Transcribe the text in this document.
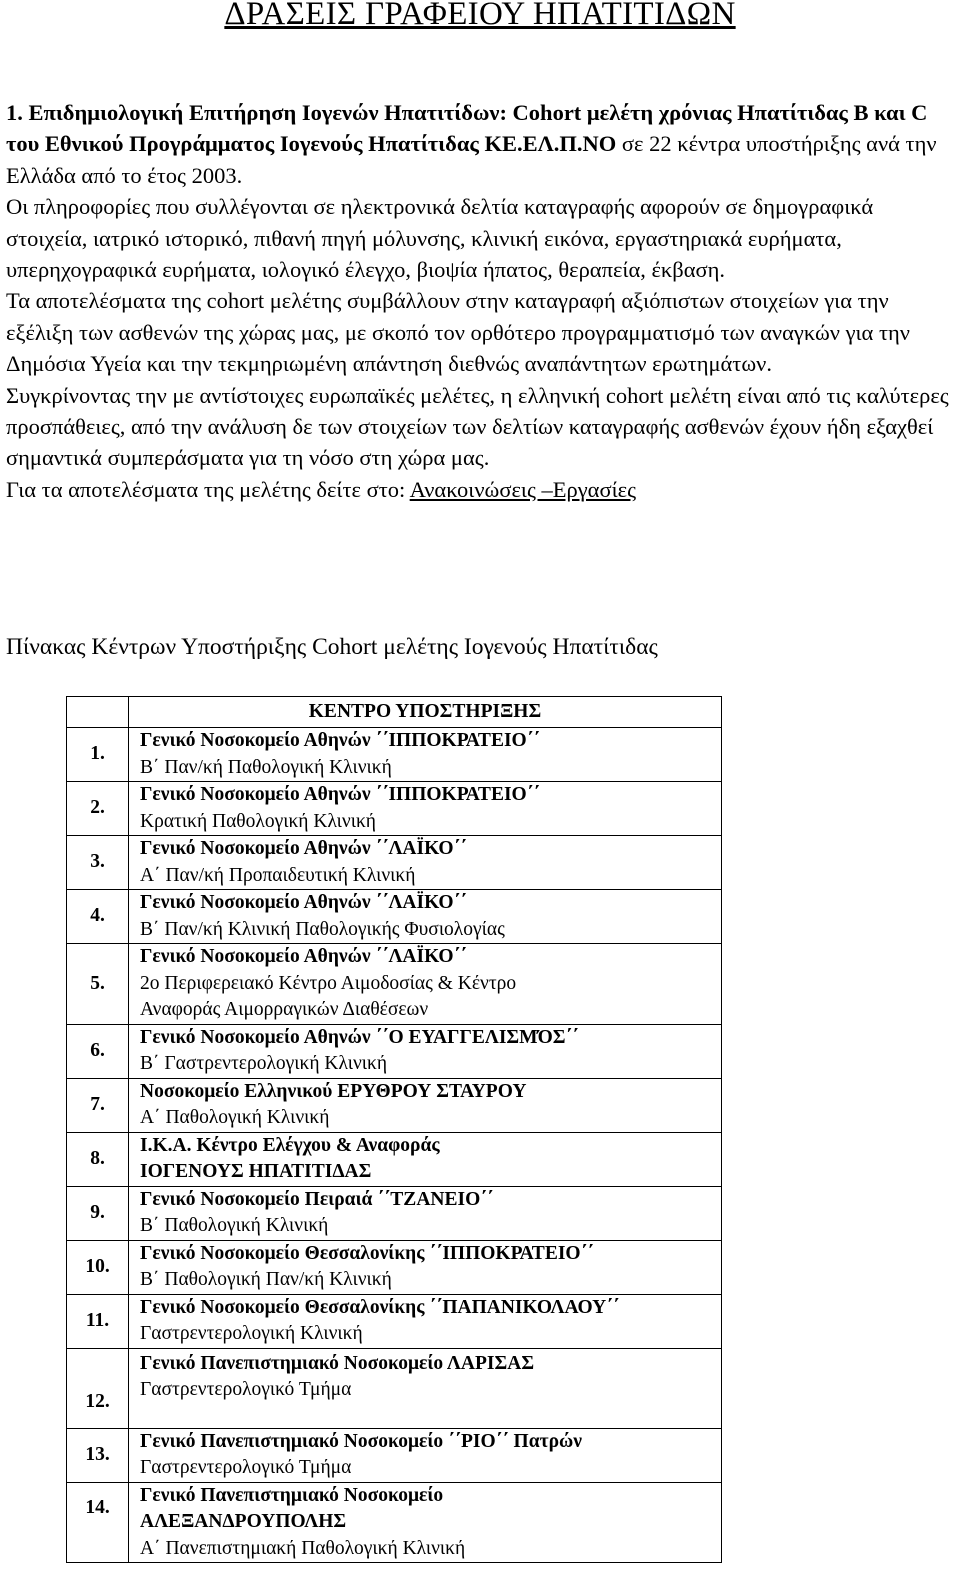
ΔΡΑΣΕΙΣ ΓΡΑΦΕΙΟΥ ΗΠΑΤΙΤΙΔΩΝ

1. Επιδημιολογική Επιτήρηση Ιογενών Ηπατιτίδων: Cohort μελέτη χρόνιας Ηπατίτιδας Β και C του Εθνικού Προγράμματος Ιογενούς Ηπατίτιδας ΚΕ.ΕΛ.Π.ΝΟ σε 22 κέντρα υποστήριξης ανά την Ελλάδα από το έτος 2003.

Οι πληροφορίες που συλλέγονται σε ηλεκτρονικά δελτία καταγραφής αφορούν σε δημογραφικά στοιχεία, ιατρικό ιστορικό, πιθανή πηγή μόλυνσης, κλινική εικόνα, εργαστηριακά ευρήματα, υπερηχογραφικά ευρήματα, ιολογικό έλεγχο, βιοψία ήπατος, θεραπεία, έκβαση.

Τα αποτελέσματα της cohort μελέτης συμβάλλουν στην καταγραφή αξιόπιστων στοιχείων για την εξέλιξη των ασθενών της χώρας μας, με σκοπό τον ορθότερο προγραμματισμό των αναγκών για την Δημόσια Υγεία και την τεκμηριωμένη απάντηση διεθνώς αναπάντητων ερωτημάτων.

Συγκρίνοντας την με αντίστοιχες ευρωπαϊκές μελέτες, η ελληνική cohort μελέτη είναι από τις καλύτερες προσπάθειες, από την ανάλυση δε των στοιχείων των δελτίων καταγραφής ασθενών έχουν ήδη εξαχθεί σημαντικά συμπεράσματα για τη νόσο στη χώρα μας.

Για τα αποτελέσματα της μελέτης δείτε στο: Ανακοινώσεις –Εργασίες

Πίνακας Κέντρων Υποστήριξης Cohort μελέτης Ιογενούς Ηπατίτιδας
	ΚΕΝΤΡΟ ΥΠΟΣΤΗΡΙΞΗΣ
1.	Γενικό Νοσοκομείο Αθηνών ΄΄ΙΠΠΟΚΡΑΤΕΙΟ΄΄
Β΄ Παν/κή Παθολογική Κλινική

2.	Γενικό Νοσοκομείο Αθηνών ΄΄ΙΠΠΟΚΡΑΤΕΙΟ΄΄
Κρατική Παθολογική Κλινική

3.	Γενικό Νοσοκομείο Αθηνών ΄΄ΛΑΪΚΟ΄΄
Α΄ Παν/κή Προπαιδευτική Κλινική

4.	Γενικό Νοσοκομείο Αθηνών ΄΄ΛΑΪΚΟ΄΄
Β΄ Παν/κή Κλινική Παθολογικής Φυσιολογίας

5.	Γενικό Νοσοκομείο Αθηνών ΄΄ΛΑΪΚΟ΄΄
2ο Περιφερειακό Κέντρο Αιμοδοσίας & Κέντρο
Αναφοράς Αιμορραγικών Διαθέσεων

6.	Γενικό Νοσοκομείο Αθηνών ΄΄Ο ΕΥΑΓΓΕΛΙΣΜΌΣ΄΄
Β΄ Γαστρεντερολογική Κλινική

7.	Νοσοκομείο Ελληνικού ΕΡΥΘΡΟΥ ΣΤΑΥΡΟΥ
Α΄ Παθολογική Κλινική

8.	Ι.Κ.Α. Κέντρο Ελέγχου & Αναφοράς
ΙΟΓΕΝΟΥΣ ΗΠΑΤΙΤΙΔΑΣ

9.	Γενικό Νοσοκομείο Πειραιά ΄΄ΤΖΑΝΕΙΟ΄΄
Β΄ Παθολογική Κλινική

10.	Γενικό Νοσοκομείο Θεσσαλονίκης ΄΄ΙΠΠΟΚΡΑΤΕΙΟ΄΄
Β΄ Παθολογική Παν/κή Κλινική

11.	Γενικό Νοσοκομείο Θεσσαλονίκης ΄΄ΠΑΠΑΝΙΚΟΛΑΟΥ΄΄
Γαστρεντερολογική Κλινική

12.	Γενικό Πανεπιστημιακό Νοσοκομείο ΛΑΡΙΣΑΣ
Γαστρεντερολογικό Τμήμα

13.	Γενικό Πανεπιστημιακό Νοσοκομείο ΄΄ΡΙΟ΄΄ Πατρών
Γαστρεντερολογικό Τμήμα

14.	Γενικό Πανεπιστημιακό Νοσοκομείο
ΑΛΕΞΑΝΔΡΟΥΠΟΛΗΣ
Α΄ Πανεπιστημιακή Παθολογική Κλινική
